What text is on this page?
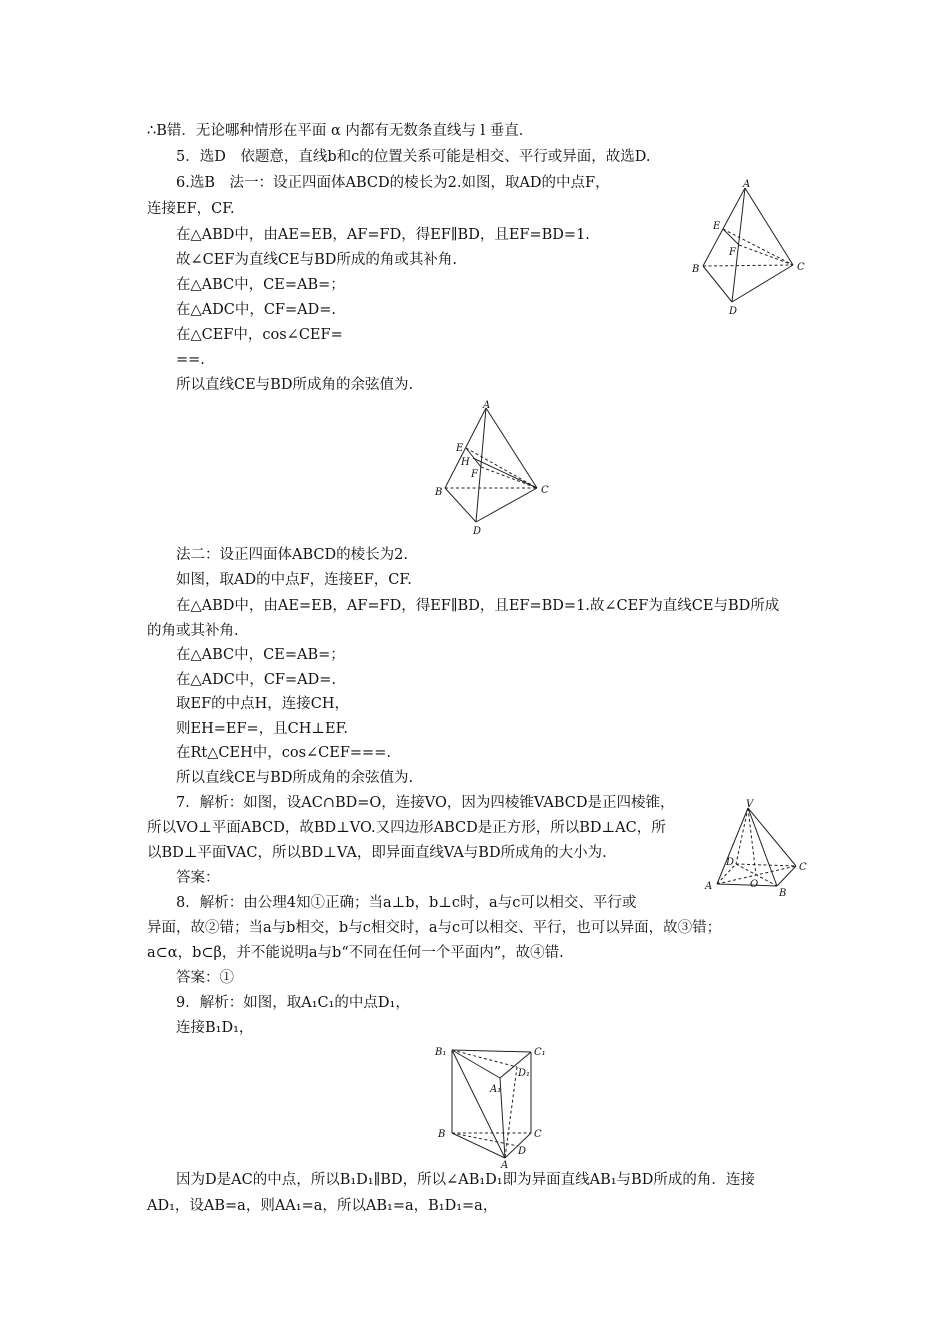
∴B错．无论哪种情形在平面 α 内都有无数条直线与 l 垂直．
5．选D　依题意，直线b和c的位置关系可能是相交、平行或异面，故选D.
6.选B　法一：设正四面体ABCD的棱长为2.如图，取AD的中点F，
连接EF，CF.
在△ABD中，由AE=EB，AF=FD，得EF∥BD，且EF=BD=1.
故∠CEF为直线CE与BD所成的角或其补角.
在△ABC中，CE=AB=；
在△ADC中，CF=AD=.
在△CEF中，cos∠CEF=
==.
所以直线CE与BD所成角的余弦值为.
法二：设正四面体ABCD的棱长为2.
如图，取AD的中点F，连接EF，CF.
在△ABD中，由AE=EB，AF=FD，得EF∥BD，且EF=BD=1.故∠CEF为直线CE与BD所成
的角或其补角.
在△ABC中，CE=AB=；
在△ADC中，CF=AD=.
取EF的中点H，连接CH，
则EH=EF=，且CH⊥EF.
在Rt△CEH中，cos∠CEF===.
所以直线CE与BD所成角的余弦值为.
7．解析：如图，设AC∩BD=O，连接VO，因为四棱锥VABCD是正四棱锥，
所以VO⊥平面ABCD，故BD⊥VO.又四边形ABCD是正方形，所以BD⊥AC，所
以BD⊥平面VAC，所以BD⊥VA，即异面直线VA与BD所成角的大小为.
答案：
8．解析：由公理4知①正确；当a⊥b，b⊥c时，a与c可以相交、平行或
异面，故②错；当a与b相交，b与c相交时，a与c可以相交、平行，也可以异面，故③错；
a⊂α，b⊂β，并不能说明a与b“不同在任何一个平面内”，故④错.
答案：①
9．解析：如图，取A₁C₁的中点D₁，
连接B₁D₁，
因为D是AC的中点，所以B₁D₁∥BD，所以∠AB₁D₁即为异面直线AB₁与BD所成的角．连接
AD₁，设AB=a，则AA₁=a，所以AB₁=a，B₁D₁=a，
A
E
F
B	C
D
A
E
H
F
B	C
D
V
D	C
A	O
B
B₁	C₁
A₁
D₁
B	C
D
A
